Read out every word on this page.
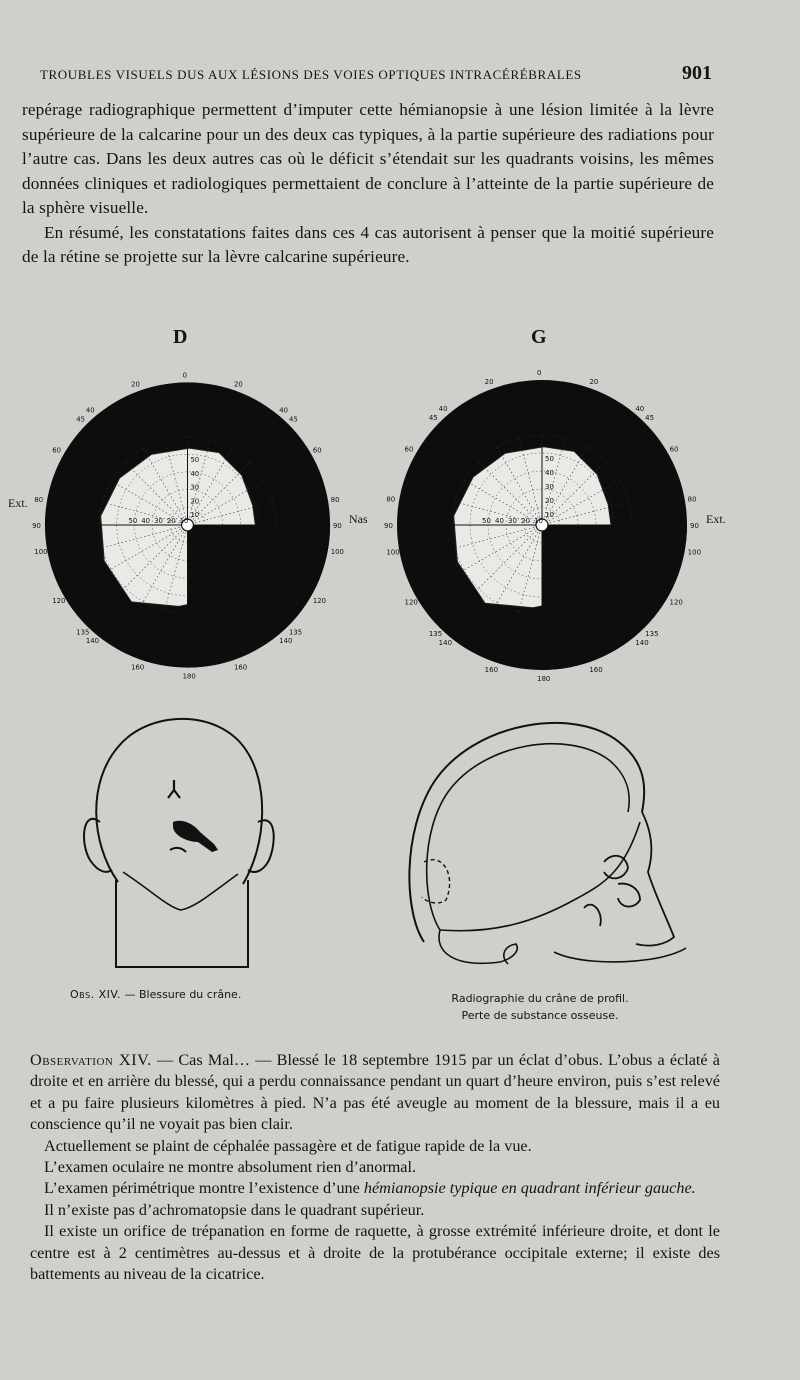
TROUBLES VISUELS DUS AUX LÉSIONS DES VOIES OPTIQUES INTRACÉRÉBRALES	901

repérage radiographique permettent d’imputer cette hémianopsie à une lésion limitée à la lèvre supérieure de la calcarine pour un des deux cas typiques, à la partie supérieure des radiations pour l’autre cas. Dans les deux autres cas où le déficit s’étendait sur les quadrants voisins, les mêmes données cliniques et radiologiques permettaient de conclure à l’atteinte de la partie supérieure de la sphère visuelle.

En résumé, les constatations faites dans ces 4 cas autorisent à penser que la moitié supérieure de la rétine se projette sur la lèvre calcarine supérieure.

D	G
10
10
20
20
30
30
40
40
50
50
0
20
20
40
40
45
45
60
60
80
80
90
90
100
100
120
120
135
135
140
140
160
160
180
10
10
20
20
30
30
40
40
50
50
0
20
20
40
40
45
45
60
60
80
80
90
90
100
100
120
120
135
135
140
140
160
160
180
Ext.
Nas	Ext.
Obs. XIV. — Blessure du crâne.	Radiographie du crâne de profil.
Perte de substance osseuse.

Observation XIV. — Cas Mal… — Blessé le 18 septembre 1915 par un éclat d’obus. L’obus a éclaté à droite et en arrière du blessé, qui a perdu connaissance pendant un quart d’heure environ, puis s’est relevé et a pu faire plusieurs kilomètres à pied. N’a pas été aveugle au moment de la blessure, mais il a eu conscience qu’il ne voyait pas bien clair.

Actuellement se plaint de céphalée passagère et de fatigue rapide de la vue.

L’examen oculaire ne montre absolument rien d’anormal.

L’examen périmétrique montre l’existence d’une hémianopsie typique en quadrant inférieur gauche.

Il n’existe pas d’achromatopsie dans le quadrant supérieur.

Il existe un orifice de trépanation en forme de raquette, à grosse extrémité inférieure droite, et dont le centre est à 2 centimètres au-dessus et à droite de la protubérance occipitale externe; il existe des battements au niveau de la cicatrice.
